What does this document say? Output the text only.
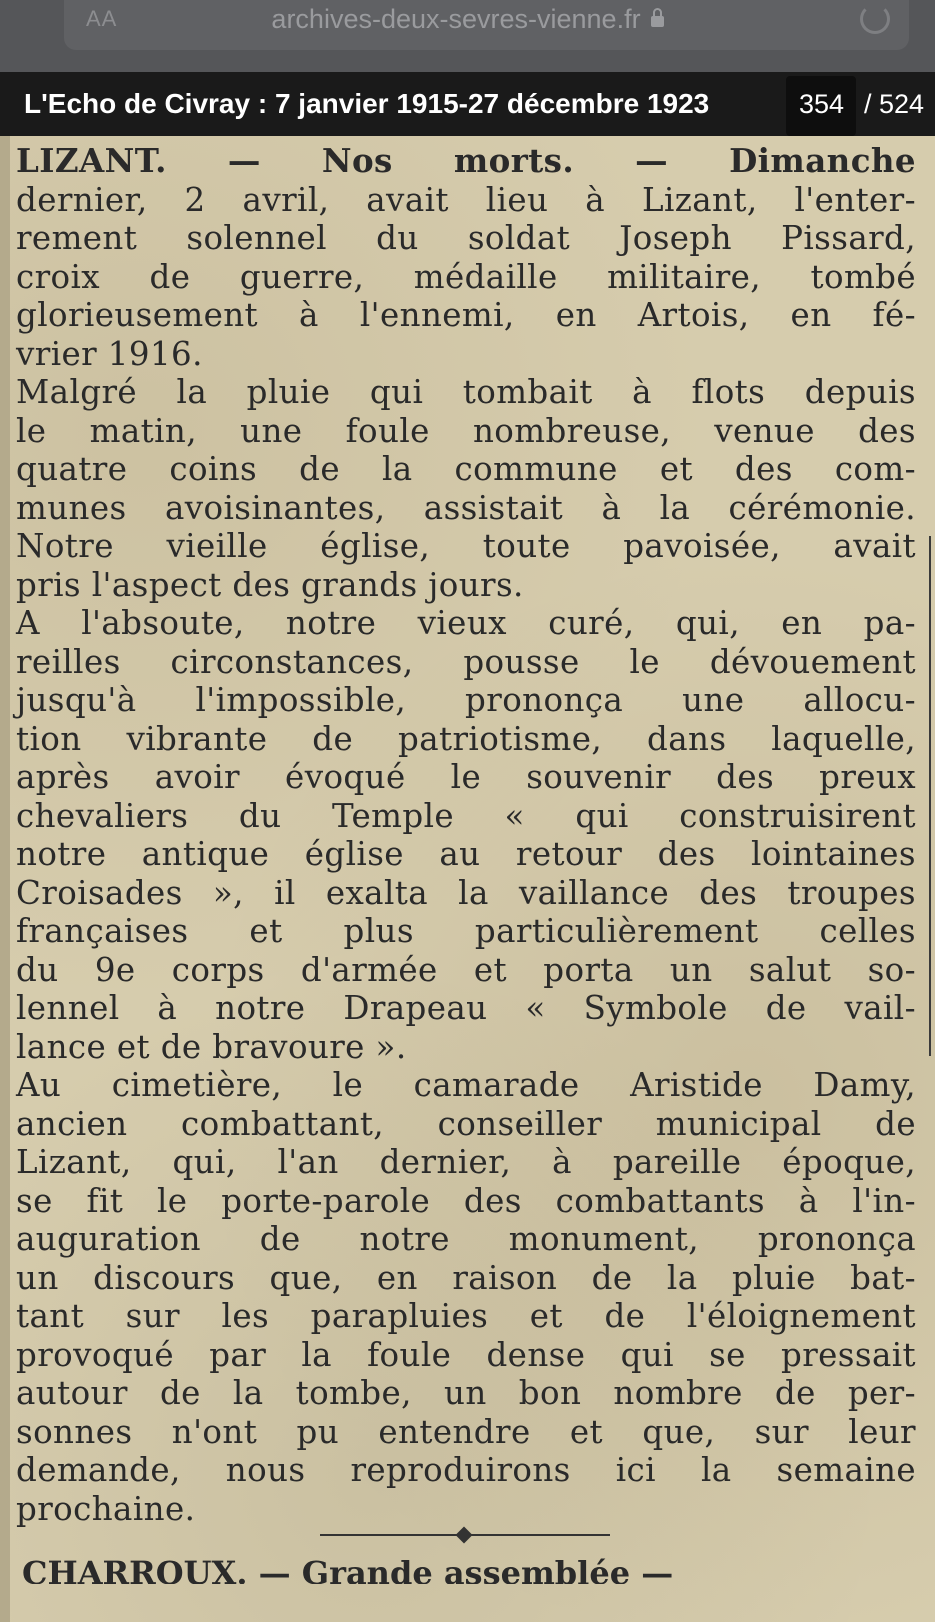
AA	archives-deux-sevres-vienne.fr
L'Echo de Civray : 7 janvier 1915-27 décembre 1923	354 / 524
LIZANT. — Nos morts. — Dimanche
dernier, 2 avril, avait lieu à Lizant, l'enter-
rement solennel du soldat Joseph Pissard,
croix de guerre, médaille militaire, tombé
glorieusement à l'ennemi, en Artois, en fé-
vrier 1916.
Malgré la pluie qui tombait à flots depuis
le matin, une foule nombreuse, venue des
quatre coins de la commune et des com-
munes avoisinantes, assistait à la cérémonie.
Notre vieille église, toute pavoisée, avait
pris l'aspect des grands jours.
A l'absoute, notre vieux curé, qui, en pa-
reilles circonstances, pousse le dévouement
jusqu'à l'impossible, prononça une allocu-
tion vibrante de patriotisme, dans laquelle,
après avoir évoqué le souvenir des preux
chevaliers du Temple « qui construisirent
notre antique église au retour des lointaines
Croisades », il exalta la vaillance des troupes
françaises et plus particulièrement celles
du 9e corps d'armée et porta un salut so-
lennel à notre Drapeau « Symbole de vail-
lance et de bravoure ».
Au cimetière, le camarade Aristide Damy,
ancien combattant, conseiller municipal de
Lizant, qui, l'an dernier, à pareille époque,
se fit le porte-parole des combattants à l'in-
auguration de notre monument, prononça
un discours que, en raison de la pluie bat-
tant sur les parapluies et de l'éloignement
provoqué par la foule dense qui se pressait
autour de la tombe, un bon nombre de per-
sonnes n'ont pu entendre et que, sur leur
demande, nous reproduirons ici la semaine
prochaine.
CHARROUX. — Grande assemblée —
